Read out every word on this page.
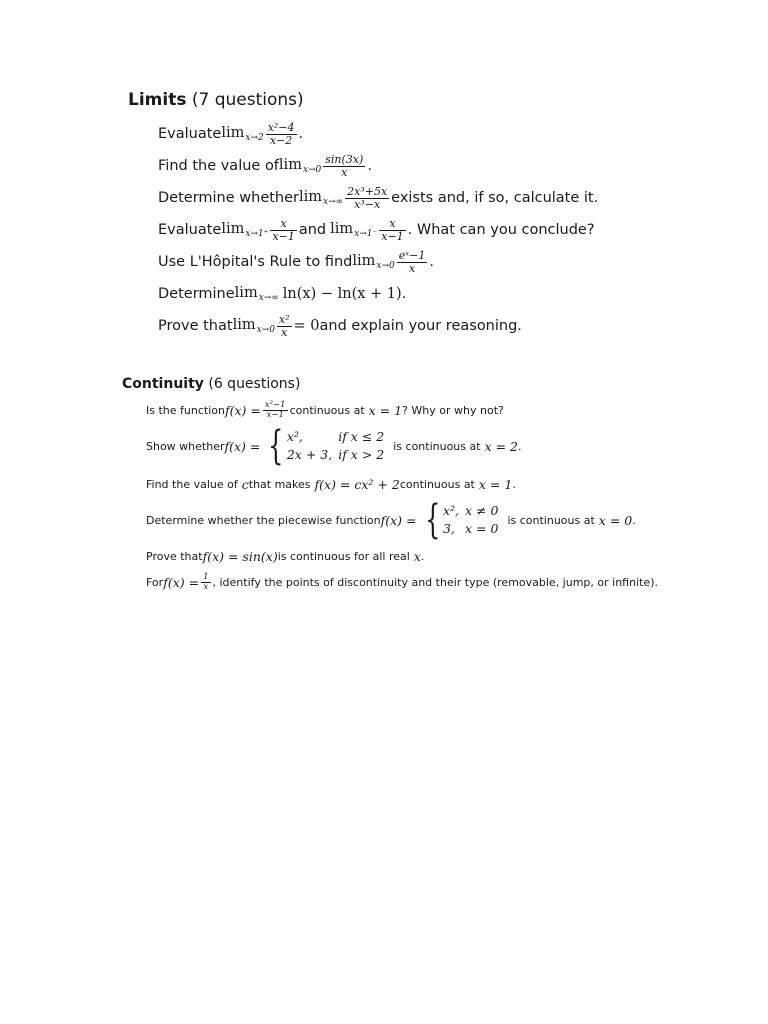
Limits (7 questions)
Evaluate $\lim_{x\to 2} \frac{\text{x²−4}}{x-2}$ .
Find the value of $\lim_{x\to 0} \frac{\sin(3x)}{x}$ .
Determine whether $\lim_{x\to\infty} \frac{\text{2x³+5x}}{\text{x³−x}}$ exists and, if so, calculate it.
Evaluate $\lim_{x\to 1^+} \frac{x}{x-1}$ and $\lim_{x\to 1^-} \frac{x}{x-1}$ . What can you conclude?
Use L'Hôpital's Rule to find $\lim_{x\to 0} \frac{\text{eˣ−1}}{x}$ .
Determine $\lim_{x\to\infty} \ln(x) - \ln(x + 1)$ .
Prove that $\lim_{x\to 0} \frac{\text{x²}}{x} = 0$ and explain your reasoning.
Continuity (6 questions)
Is the function $f(x) = \frac{\text{x²−1}}{x-1}$ continuous at x = 1 ? Why or why not?
Show whether f(x) = { x²,	if x ≤ 2
2x + 3,	if x > 2
is continuous at x = 2 .
Find the value of c that makes f(x) = cx² + 2 continuous at x = 1 .
Determine whether the piecewise function f(x) = { x²,	x ≠ 0
3,	x = 0
is continuous at x = 0 .
Prove that f(x) = sin(x) is continuous for all real x .
For $f(x) = \frac{1}{x}$ , identify the points of discontinuity and their type (removable, jump, or infinite).
